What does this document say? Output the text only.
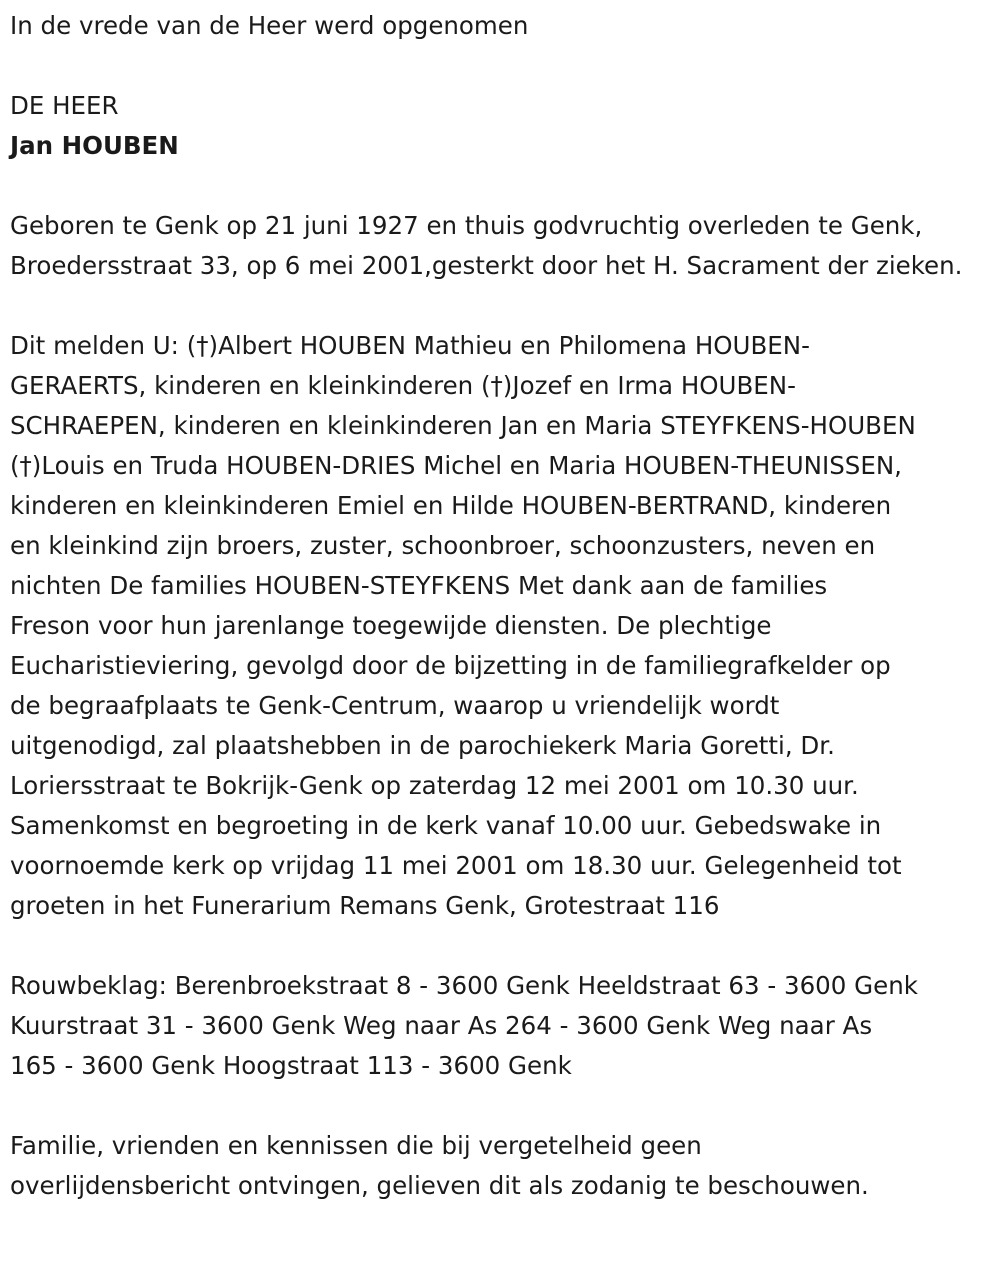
In de vrede van de Heer werd opgenomen
DE HEER
Jan HOUBEN
Geboren te Genk op 21 juni 1927 en thuis godvruchtig overleden te Genk, Broedersstraat 33, op 6 mei 2001,gesterkt door het H. Sacrament der zieken.
Dit melden U: (†)Albert HOUBEN Mathieu en Philomena HOUBEN-
GERAERTS, kinderen en kleinkinderen (†)Jozef en Irma HOUBEN-
SCHRAEPEN, kinderen en kleinkinderen Jan en Maria STEYFKENS-HOUBEN
(†)Louis en Truda HOUBEN-DRIES Michel en Maria HOUBEN-THEUNISSEN,
kinderen en kleinkinderen Emiel en Hilde HOUBEN-BERTRAND, kinderen
en kleinkind zijn broers, zuster, schoonbroer, schoonzusters, neven en
nichten De families HOUBEN-STEYFKENS Met dank aan de families
Freson voor hun jarenlange toegewijde diensten. De plechtige
Eucharistieviering, gevolgd door de bijzetting in de familiegrafkelder op
de begraafplaats te Genk-Centrum, waarop u vriendelijk wordt
uitgenodigd, zal plaatshebben in de parochiekerk Maria Goretti, Dr.
Loriersstraat te Bokrijk-Genk op zaterdag 12 mei 2001 om 10.30 uur.
Samenkomst en begroeting in de kerk vanaf 10.00 uur. Gebedswake in
voornoemde kerk op vrijdag 11 mei 2001 om 18.30 uur. Gelegenheid tot
groeten in het Funerarium Remans Genk, Grotestraat 116
Rouwbeklag: Berenbroekstraat 8 - 3600 Genk Heeldstraat 63 - 3600 Genk
Kuurstraat 31 - 3600 Genk Weg naar As 264 - 3600 Genk Weg naar As
165 - 3600 Genk Hoogstraat 113 - 3600 Genk
Familie, vrienden en kennissen die bij vergetelheid geen
overlijdensbericht ontvingen, gelieven dit als zodanig te beschouwen.
